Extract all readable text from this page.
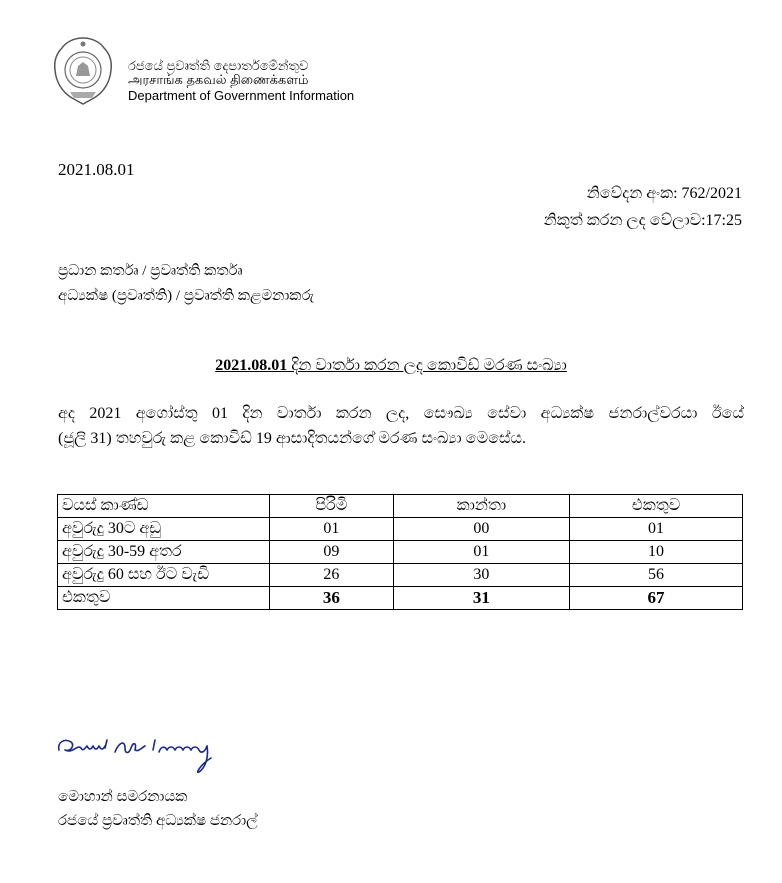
රජයේ ප්‍රවෘත්ති දෙපාර්තමේන්තුව
அரசாங்க தகவல் திணைக்களம்
Department of Government Information
2021.08.01
නිවේදන අංක: 762/2021
නිකුත් කරන ලද වේලාව:17:25
ප්‍රධාන කර්තෘ / ප්‍රවෘත්ති කර්තෘ
අධ්‍යක්ෂ (ප්‍රවෘත්ති) / ප්‍රවෘත්ති කළමනාකරු
2021.08.01 දින වාර්තා කරන ලද කොවිඩ් මරණ සංඛ්‍යා
අද 2021 අගෝස්තු 01 දින වාර්තා කරන ලද, සෞඛ්‍ය සේවා අධ්‍යක්ෂ ජනරාල්වරයා ඊයේ
(ජූලි 31) තහවුරු කළ කොවිඩ් 19 ආසාදිතයන්ගේ මරණ සංඛ්‍යා මෙසේය.
වයස් කාණ්ඩ	පිරිමි	කාන්තා	එකතුව
අවුරුදු 30ට අඩු	01	00	01
අවුරුදු 30-59 අතර	09	01	10
අවුරුදු 60 සහ ඊට වැඩි	26	30	56
එකතුව	36	31	67
මොහාන් සමරනායක
රජයේ ප්‍රවෘත්ති අධ්‍යක්ෂ ජනරාල්
